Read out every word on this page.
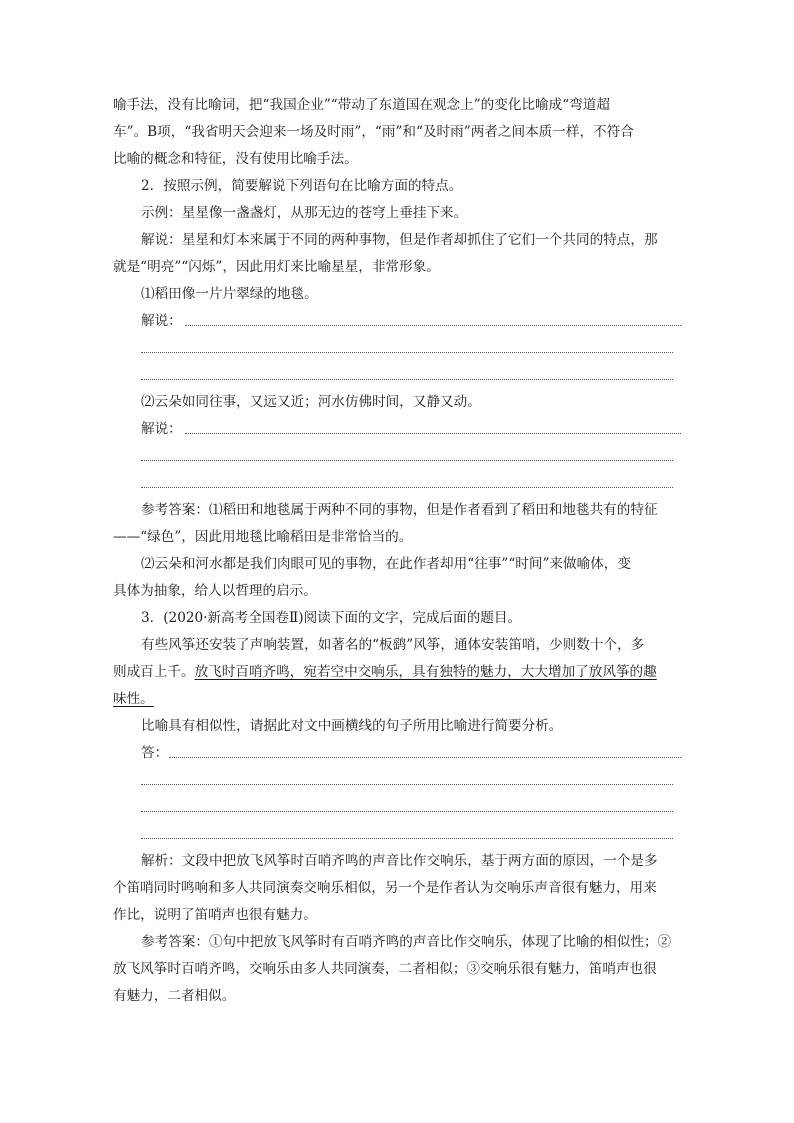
喻手法，没有比喻词，把“我国企业”“带动了东道国在观念上”的变化比喻成“弯道超

车”。B项，“我省明天会迎来一场及时雨”，“雨”和“及时雨”两者之间本质一样，不符合

比喻的概念和特征，没有使用比喻手法。

2．按照示例，简要解说下列语句在比喻方面的特点。

示例：星星像一盏盏灯，从那无边的苍穹上垂挂下来。

解说：星星和灯本来属于不同的两种事物，但是作者却抓住了它们一个共同的特点，那

就是“明亮”“闪烁”，因此用灯来比喻星星，非常形象。

⑴稻田像一片片翠绿的地毯。

解说：

⑵云朵如同往事，又远又近；河水仿佛时间，又静又动。

解说：

参考答案：⑴稻田和地毯属于两种不同的事物，但是作者看到了稻田和地毯共有的特征

——“绿色”，因此用地毯比喻稻田是非常恰当的。

⑵云朵和河水都是我们肉眼可见的事物，在此作者却用“往事”“时间”来做喻体，变

具体为抽象，给人以哲理的启示。

3．(2020·新高考全国卷Ⅱ)阅读下面的文字，完成后面的题目。

有些风筝还安装了声响装置，如著名的“板鹞”风筝，通体安装笛哨，少则数十个，多

则成百上千。放飞时百哨齐鸣，宛若空中交响乐，具有独特的魅力，大大增加了放风筝的趣

味性。

比喻具有相似性，请据此对文中画横线的句子所用比喻进行简要分析。

答：

解析：文段中把放飞风筝时百哨齐鸣的声音比作交响乐，基于两方面的原因，一个是多

个笛哨同时鸣响和多人共同演奏交响乐相似，另一个是作者认为交响乐声音很有魅力，用来

作比，说明了笛哨声也很有魅力。

参考答案：①句中把放飞风筝时有百哨齐鸣的声音比作交响乐，体现了比喻的相似性；②

放飞风筝时百哨齐鸣，交响乐由多人共同演奏，二者相似；③交响乐很有魅力，笛哨声也很

有魅力，二者相似。
